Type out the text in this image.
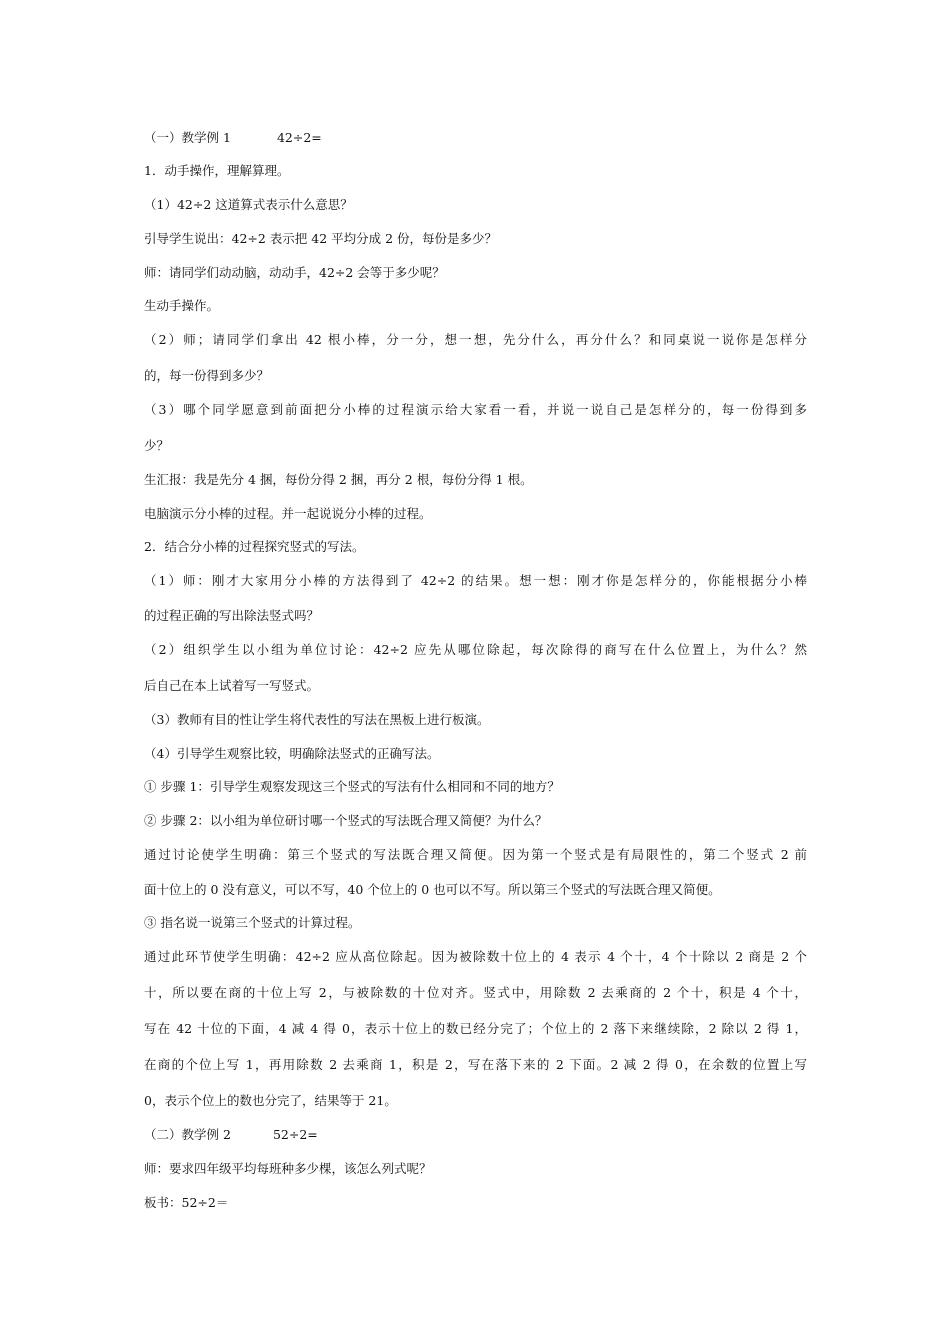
（一）教学例 1	42÷2=
1．动手操作，理解算理。
（1）42÷2 这道算式表示什么意思？
引导学生说出：42÷2 表示把 42 平均分成 2 份，每份是多少？
师：请同学们动动脑，动动手，42÷2 会等于多少呢？
生动手操作。
（2）师；请同学们拿出 42 根小棒，分一分，想一想，先分什么，再分什么？和同桌说一说你是怎样分
的，每一份得到多少？
（3）哪个同学愿意到前面把分小棒的过程演示给大家看一看，并说一说自己是怎样分的，每一份得到多
少？
生汇报：我是先分 4 捆，每份分得 2 捆，再分 2 根，每份分得 1 根。
电脑演示分小棒的过程。并一起说说分小棒的过程。
2．结合分小棒的过程探究竖式的写法。
（1）师：刚才大家用分小棒的方法得到了 42÷2 的结果。想一想：刚才你是怎样分的，你能根据分小棒
的过程正确的写出除法竖式吗？
（2）组织学生以小组为单位讨论：42÷2 应先从哪位除起，每次除得的商写在什么位置上，为什么？然
后自己在本上试着写一写竖式。
（3）教师有目的性让学生将代表性的写法在黑板上进行板演。
（4）引导学生观察比较，明确除法竖式的正确写法。
① 步骤 1：引导学生观察发现这三个竖式的写法有什么相同和不同的地方？
② 步骤 2：以小组为单位研讨哪一个竖式的写法既合理又简便？为什么？
通过讨论使学生明确：第三个竖式的写法既合理又简便。因为第一个竖式是有局限性的，第二个竖式 2 前
面十位上的 0 没有意义，可以不写，40 个位上的 0 也可以不写。所以第三个竖式的写法既合理又简便。
③ 指名说一说第三个竖式的计算过程。
通过此环节使学生明确：42÷2 应从高位除起。因为被除数十位上的 4 表示 4 个十，4 个十除以 2 商是 2 个
十，所以要在商的十位上写 2，与被除数的十位对齐。竖式中，用除数 2 去乘商的 2 个十，积是 4 个十，
写在 42 十位的下面，4 减 4 得 0，表示十位上的数已经分完了；个位上的 2 落下来继续除，2 除以 2 得 1，
在商的个位上写 1，再用除数 2 去乘商 1，积是 2，写在落下来的 2 下面。2 减 2 得 0，在余数的位置上写
0，表示个位上的数也分完了，结果等于 21。
（二）教学例 2	52÷2=
师：要求四年级平均每班种多少棵，该怎么列式呢？
板书：52÷2＝
